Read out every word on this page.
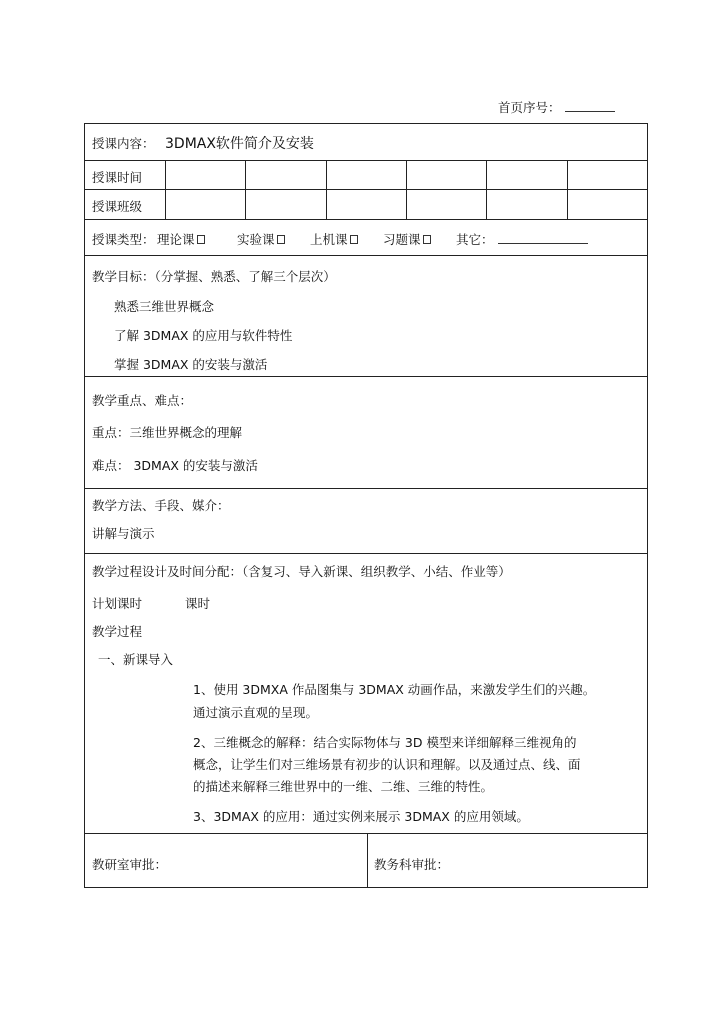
首页序号：
授课内容： 3DMAX软件简介及安装
授课时间
授课班级
授课类型： 理论课	实验课	上机课	习题课	其它：
教学目标：（分掌握、熟悉、了解三个层次）
熟悉三维世界概念
了解 3DMAX 的应用与软件特性
掌握 3DMAX 的安装与激活
教学重点、难点：
重点：三维世界概念的理解
难点： 3DMAX 的安装与激活
教学方法、手段、媒介：
讲解与演示
教学过程设计及时间分配：（含复习、导入新课、组织教学、小结、作业等）
计划课时	课时
教学过程
一、新课导入
1、使用 3DMXA 作品图集与 3DMAX 动画作品，来激发学生们的兴趣。
通过演示直观的呈现。
2、三维概念的解释：结合实际物体与 3D 模型来详细解释三维视角的
概念，让学生们对三维场景有初步的认识和理解。以及通过点、线、面
的描述来解释三维世界中的一维、二维、三维的特性。
3、3DMAX 的应用：通过实例来展示 3DMAX 的应用领域。
教研室审批：	教务科审批：
